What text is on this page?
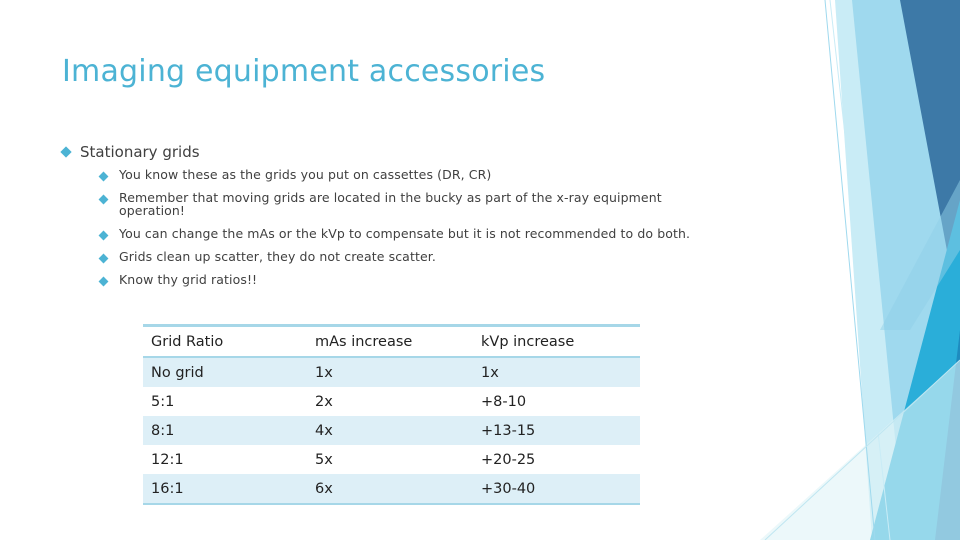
Imaging equipment accessories
Stationary grids
You know these as the grids you put on cassettes (DR, CR)
Remember that moving grids are located in the bucky as part of the x-ray equipment operation!
You can change the mAs or the kVp to compensate but it is not recommended to do both.
Grids clean up scatter, they do not create scatter.
Know thy grid ratios!!
Grid Ratio	mAs increase	kVp increase
No grid	1x	1x
5:1	2x	+8-10
8:1	4x	+13-15
12:1	5x	+20-25
16:1	6x	+30-40
